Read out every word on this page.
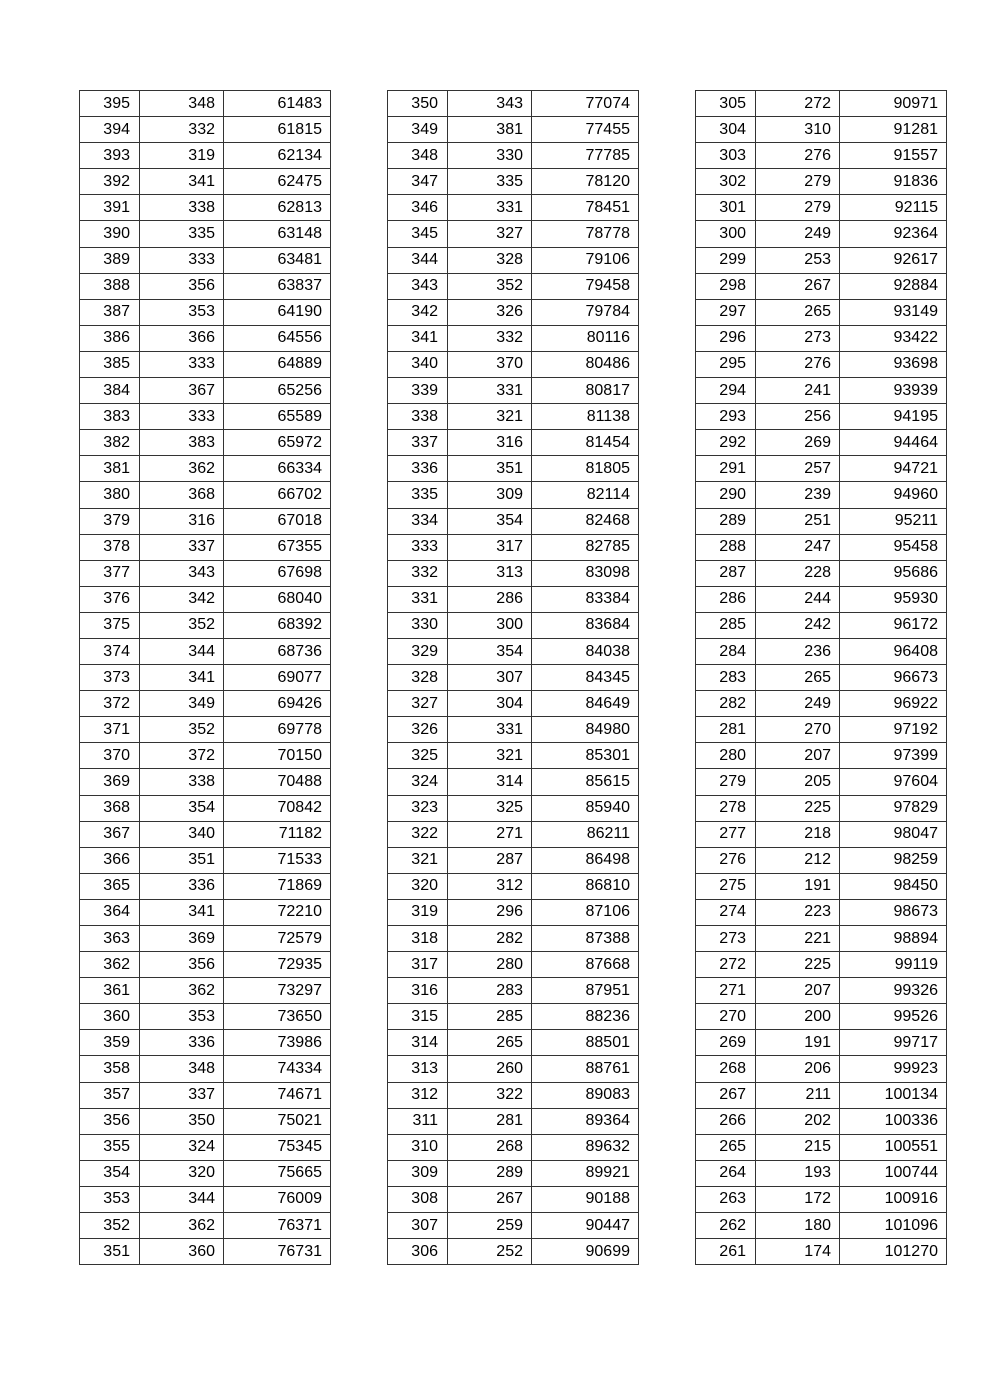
395	348	61483
394	332	61815
393	319	62134
392	341	62475
391	338	62813
390	335	63148
389	333	63481
388	356	63837
387	353	64190
386	366	64556
385	333	64889
384	367	65256
383	333	65589
382	383	65972
381	362	66334
380	368	66702
379	316	67018
378	337	67355
377	343	67698
376	342	68040
375	352	68392
374	344	68736
373	341	69077
372	349	69426
371	352	69778
370	372	70150
369	338	70488
368	354	70842
367	340	71182
366	351	71533
365	336	71869
364	341	72210
363	369	72579
362	356	72935
361	362	73297
360	353	73650
359	336	73986
358	348	74334
357	337	74671
356	350	75021
355	324	75345
354	320	75665
353	344	76009
352	362	76371
351	360	76731
350	343	77074
349	381	77455
348	330	77785
347	335	78120
346	331	78451
345	327	78778
344	328	79106
343	352	79458
342	326	79784
341	332	80116
340	370	80486
339	331	80817
338	321	81138
337	316	81454
336	351	81805
335	309	82114
334	354	82468
333	317	82785
332	313	83098
331	286	83384
330	300	83684
329	354	84038
328	307	84345
327	304	84649
326	331	84980
325	321	85301
324	314	85615
323	325	85940
322	271	86211
321	287	86498
320	312	86810
319	296	87106
318	282	87388
317	280	87668
316	283	87951
315	285	88236
314	265	88501
313	260	88761
312	322	89083
311	281	89364
310	268	89632
309	289	89921
308	267	90188
307	259	90447
306	252	90699
305	272	90971
304	310	91281
303	276	91557
302	279	91836
301	279	92115
300	249	92364
299	253	92617
298	267	92884
297	265	93149
296	273	93422
295	276	93698
294	241	93939
293	256	94195
292	269	94464
291	257	94721
290	239	94960
289	251	95211
288	247	95458
287	228	95686
286	244	95930
285	242	96172
284	236	96408
283	265	96673
282	249	96922
281	270	97192
280	207	97399
279	205	97604
278	225	97829
277	218	98047
276	212	98259
275	191	98450
274	223	98673
273	221	98894
272	225	99119
271	207	99326
270	200	99526
269	191	99717
268	206	99923
267	211	100134
266	202	100336
265	215	100551
264	193	100744
263	172	100916
262	180	101096
261	174	101270
